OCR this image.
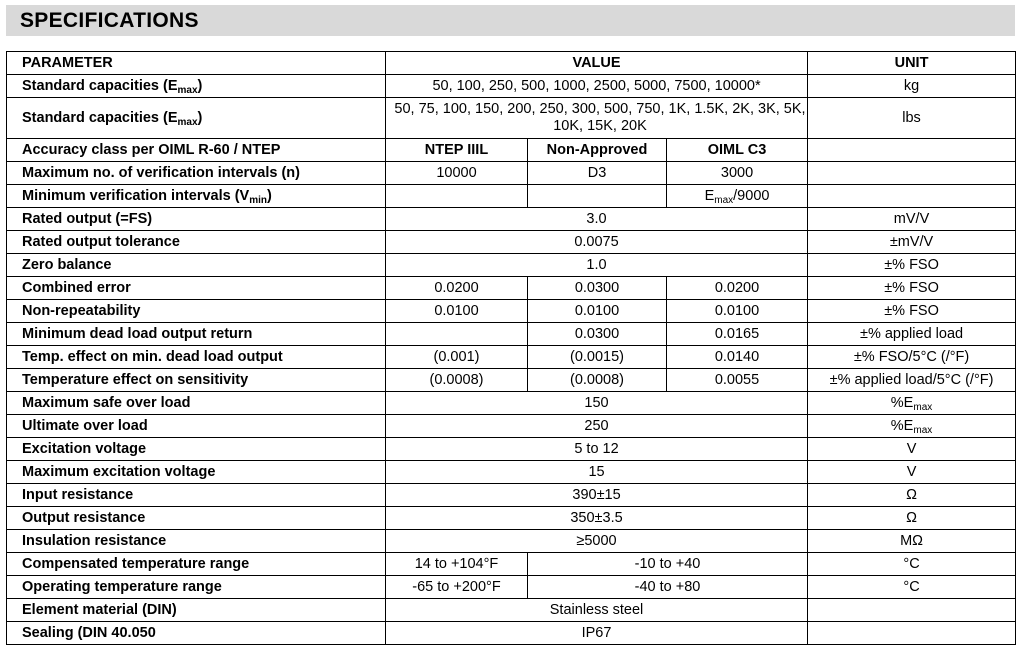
SPECIFICATIONS
PARAMETER	VALUE			UNIT
Standard capacities $(E_{max})$	50, 100, 250, 500, 1000, 2500, 5000, 7500, 10000*			kg
Standard capacities $(E_{max})$	50, 75, 100, 150, 200, 250, 300, 500, 750, 1K, 1.5K, 2K, 3K, 5K, 10K, 15K, 20K			lbs
Accuracy class per OIML R-60 / NTEP	NTEP IIIL	Non-Approved	OIML C3	
Maximum no. of verification intervals (n)	10000	D3	3000	
Minimum verification intervals $(V_{min})$			$E_{max}/9000$	
Rated output (=FS)	3.0			mV/V
Rated output tolerance	0.0075			±mV/V
Zero balance	1.0			±% FSO
Combined error	0.0200	0.0300	0.0200	±% FSO
Non-repeatability	0.0100	0.0100	0.0100	±% FSO
Minimum dead load output return		0.0300	0.0165	±% applied load
Temp. effect on min. dead load output	(0.001)	(0.0015)	0.0140	±% FSO/5°C (/°F)
Temperature effect on sensitivity	(0.0008)	(0.0008)	0.0055	±% applied load/5°C (/°F)
Maximum safe over load	150			$\%E_{max}$
Ultimate over load	250			$\%E_{max}$
Excitation voltage	5 to 12			V
Maximum excitation voltage	15			V
Input resistance	390±15			Ω
Output resistance	350±3.5			Ω
Insulation resistance	≥5000			MΩ
Compensated temperature range	14 to +104°F	-10 to +40		°C
Operating temperature range	-65 to +200°F	-40 to +80		°C
Element material (DIN)	Stainless steel			
Sealing (DIN 40.050	IP67			
